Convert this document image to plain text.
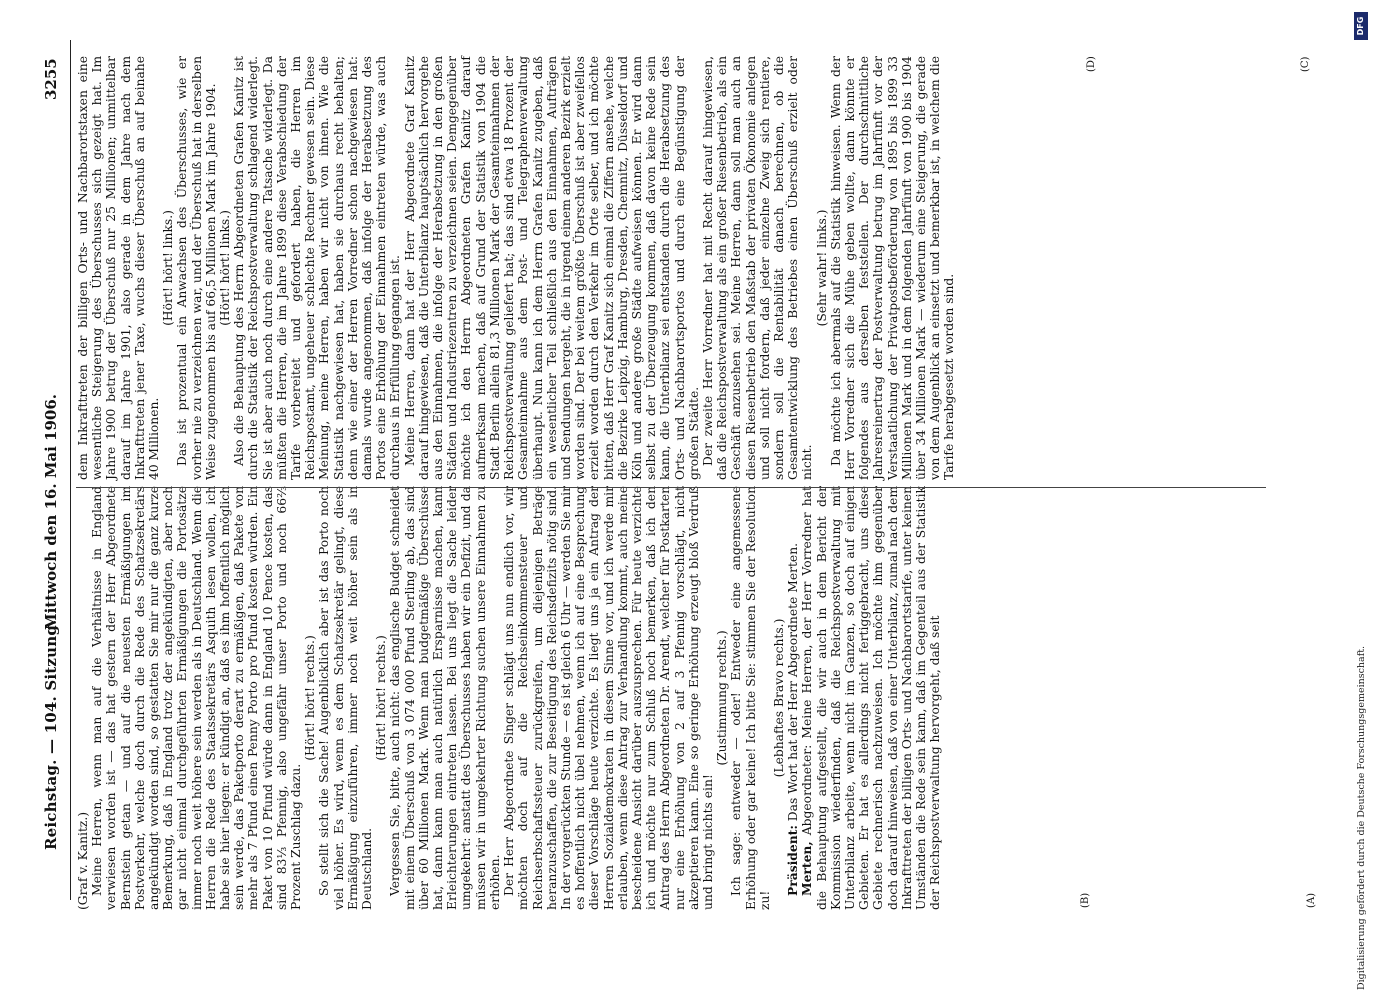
Reichstag. — 104. Sitzung.
Mittwoch den 16. Mai 1906.
3255
(A)
(B)
(C)
(D)

(Graf v. Kanitz.) Meine Herren, wenn man auf die Verhältnisse in England verwiesen worden ist — das hat gestern der Herr Abgeordnete Bernstein getan — und auf die neuesten Ermäßigungen im Postverkehr, welche doch durch die Rede des Schatzsekretärs angekündigt worden sind, so gestatten Sie mir nur die ganz kurze Bemerkung, daß in England trotz der angekündigten, aber noch gar nicht einmal durchgeführten Ermäßigungen die Portosätze immer noch weit höhere sein werden als in Deutschland. Wenn die Herren die Rede des Staatssekretärs Asquith lesen wollen, ich habe sie hier liegen: er kündigt an, daß es ihm hoffentlich möglich sein werde, das Paketporto derart zu ermäßigen, daß Pakete von mehr als 7 Pfund einen Penny Porto pro Pfund kosten würden. Ein Paket von 10 Pfund würde dann in England 10 Pence kosten, das sind 83⅓ Pfennig, also ungefähr unser Porto und noch 66⅔ Prozent Zuschlag dazu.

(Hört! hört! rechts.) So stellt sich die Sache! Augenblicklich aber ist das Porto noch viel höher. Es wird, wenn es dem Schatzsekretär gelingt, diese Ermäßigung einzuführen, immer noch weit höher sein als in Deutschland.

(Hört! hört! rechts.) Vergessen Sie, bitte, auch nicht: das englische Budget schneidet mit einem Überschuß von 3 074 000 Pfund Sterling ab, das sind über 60 Millionen Mark. Wenn man budgetmäßige Überschüsse hat, dann kann man auch natürlich Ersparnisse machen, kann Erleichterungen eintreten lassen. Bei uns liegt die Sache leider umgekehrt: anstatt des Überschusses haben wir ein Defizit, und da müssen wir in umgekehrter Richtung suchen unsere Einnahmen zu erhöhen. Der Herr Abgeordnete Singer schlägt uns nun endlich vor, wir möchten doch auf die Reichseinkommensteuer und Reichserbschaftssteuer zurückgreifen, um diejenigen Beträge heranzuschaffen, die zur Beseitigung des Reichsdefizits nötig sind. In der vorgerückten Stunde — es ist gleich 6 Uhr — werden Sie mir es hoffentlich nicht übel nehmen, wenn ich auf eine Besprechung dieser Vorschläge heute verzichte. Es liegt uns ja ein Antrag der Herren Sozialdemokraten in diesem Sinne vor, und ich werde mir erlauben, wenn diese Antrag zur Verhandlung kommt, auch meine bescheidene Ansicht darüber auszusprechen. Für heute verzichte ich und möchte nur zum Schluß noch bemerken, daß ich den Antrag des Herrn Abgeordneten Dr. Arendt, welcher für Postkarten nur eine Erhöhung von 2 auf 3 Pfennig vorschlägt, nicht akzeptieren kann. Eine so geringe Erhöhung erzeugt bloß Verdruß und bringt nichts ein!

(Zustimmung rechts.) Ich sage: entweder — oder! Entweder eine angemessene Erhöhung oder gar keine! Ich bitte Sie: stimmen Sie der Resolution zu!

(Lebhaftes Bravo rechts.)

Präsident: Das Wort hat der Herr Abgeordnete Merten.

Merten, Abgeordneter: Meine Herren, der Herr Vorredner hat die Behauptung aufgestellt, die wir auch in dem Bericht der Kommission wiederfinden, daß die Reichspostverwaltung mit Unterbilanz arbeite, wenn nicht im Ganzen, so doch auf einigen Gebieten. Er hat es allerdings nicht fertiggebracht, uns diese Gebiete rechnerisch nachzuweisen. Ich möchte ihm gegenüber doch darauf hinweisen, daß von einer Unterbilanz, zumal nach dem Inkrafttreten der billigen Orts- und Nachbarortstarife, unter keinen Umständen die Rede sein kann, daß im Gegenteil aus der Statistik der Reichspostverwaltung hervorgeht, daß seit

dem Inkrafttreten der billigen Orts- und Nachbarortstaxen eine wesentliche Steigerung des Überschusses sich gezeigt hat. Im Jahre 1900 betrug der Überschuß nur 25 Millionen; unmittelbar darauf im Jahre 1901, also gerade in dem Jahre nach dem Inkrafttreten jener Taxe, wuchs dieser Überschuß an auf beinahe 40 Millionen.

(Hört! hört! links.) Das ist prozentual ein Anwachsen des Überschusses, wie er vorher nie zu verzeichnen war, und der Überschuß hat in derselben Weise zugenommen bis auf 66,5 Millionen Mark im Jahre 1904. (Hört! hört! links.) Also die Behauptung des Herrn Abgeordneten Grafen Kanitz ist durch die Statistik der Reichspostverwaltung schlagend widerlegt. Sie ist aber auch noch durch eine andere Tatsache widerlegt. Da müßten die Herren, die im Jahre 1899 diese Verabschiedung der Tarife vorbereitet und gefordert haben, die Herren im Reichspostamt, ungeheuer schlechte Rechner gewesen sein. Diese Meinung, meine Herren, haben wir nicht von ihnen. Wie die Statistik nachgewiesen hat, haben sie durchaus recht behalten; denn wie einer der Herren Vorredner schon nachgewiesen hat: damals wurde angenommen, daß infolge der Herabsetzung des Portos eine Erhöhung der Einnahmen eintreten würde, was auch durchaus in Erfüllung gegangen ist. Meine Herren, dann hat der Herr Abgeordnete Graf Kanitz darauf hingewiesen, daß die Unterbilanz hauptsächlich hervorgehe aus den Einnahmen, die infolge der Herabsetzung in den großen Städten und Industriezentren zu verzeichnen seien. Demgegenüber möchte ich den Herrn Abgeordneten Grafen Kanitz darauf aufmerksam machen, daß auf Grund der Statistik von 1904 die Stadt Berlin allein 81,3 Millionen Mark der Gesamteinnahmen der Reichspostverwaltung geliefert hat; das sind etwa 18 Prozent der Gesamteinnahme aus dem Post- und Telegraphenverwaltung überhaupt. Nun kann ich dem Herrn Grafen Kanitz zugeben, daß ein wesentlicher Teil schließlich aus den Einnahmen, Aufträgen und Sendungen hergeht, die in irgend einem anderen Bezirk erzielt worden sind. Der bei weitem größte Überschuß ist aber zweifellos erzielt worden durch den Verkehr im Orte selber, und ich möchte bitten, daß Herr Graf Kanitz sich einmal die Ziffern ansehe, welche die Bezirke Leipzig, Hamburg, Dresden, Chemnitz, Düsseldorf und Köln und andere große Städte aufweisen können. Er wird dann selbst zu der Überzeugung kommen, daß davon keine Rede sein kann, die Unterbilanz sei entstanden durch die Herabsetzung des Orts- und Nachbarortsportos und durch eine Begünstigung der großen Städte. Der zweite Herr Vorredner hat mit Recht darauf hingewiesen, daß die Reichspostverwaltung als ein großer Riesenbetrieb, als ein Geschäft anzusehen sei. Meine Herren, dann soll man auch an diesen Riesenbetrieb den Maßstab der privaten Ökonomie anlegen und soll nicht fordern, daß jeder einzelne Zweig sich rentiere, sondern soll die Rentabilität danach berechnen, ob die Gesamtentwicklung des Betriebes einen Überschuß erzielt oder nicht.

(Sehr wahr! links.) Da möchte ich abermals auf die Statistik hinweisen. Wenn der Herr Vorredner sich die Mühe geben wollte, dann könnte er folgendes aus derselben feststellen. Der durchschnittliche Jahresreinertrag der Postverwaltung betrug im Jahrfünft vor der Verstaatlichung der Privatpostbeförderung von 1895 bis 1899 33 Millionen Mark und in dem folgenden Jahrfünft von 1900 bis 1904 über 34 Millionen Mark — wiederum eine Steigerung, die gerade von dem Augenblick an einsetzt und bemerkbar ist, in welchem die Tarife herabgesetzt worden sind.

Digitalisierung gefördert durch die Deutsche Forschungsgemeinschaft.
DFG
